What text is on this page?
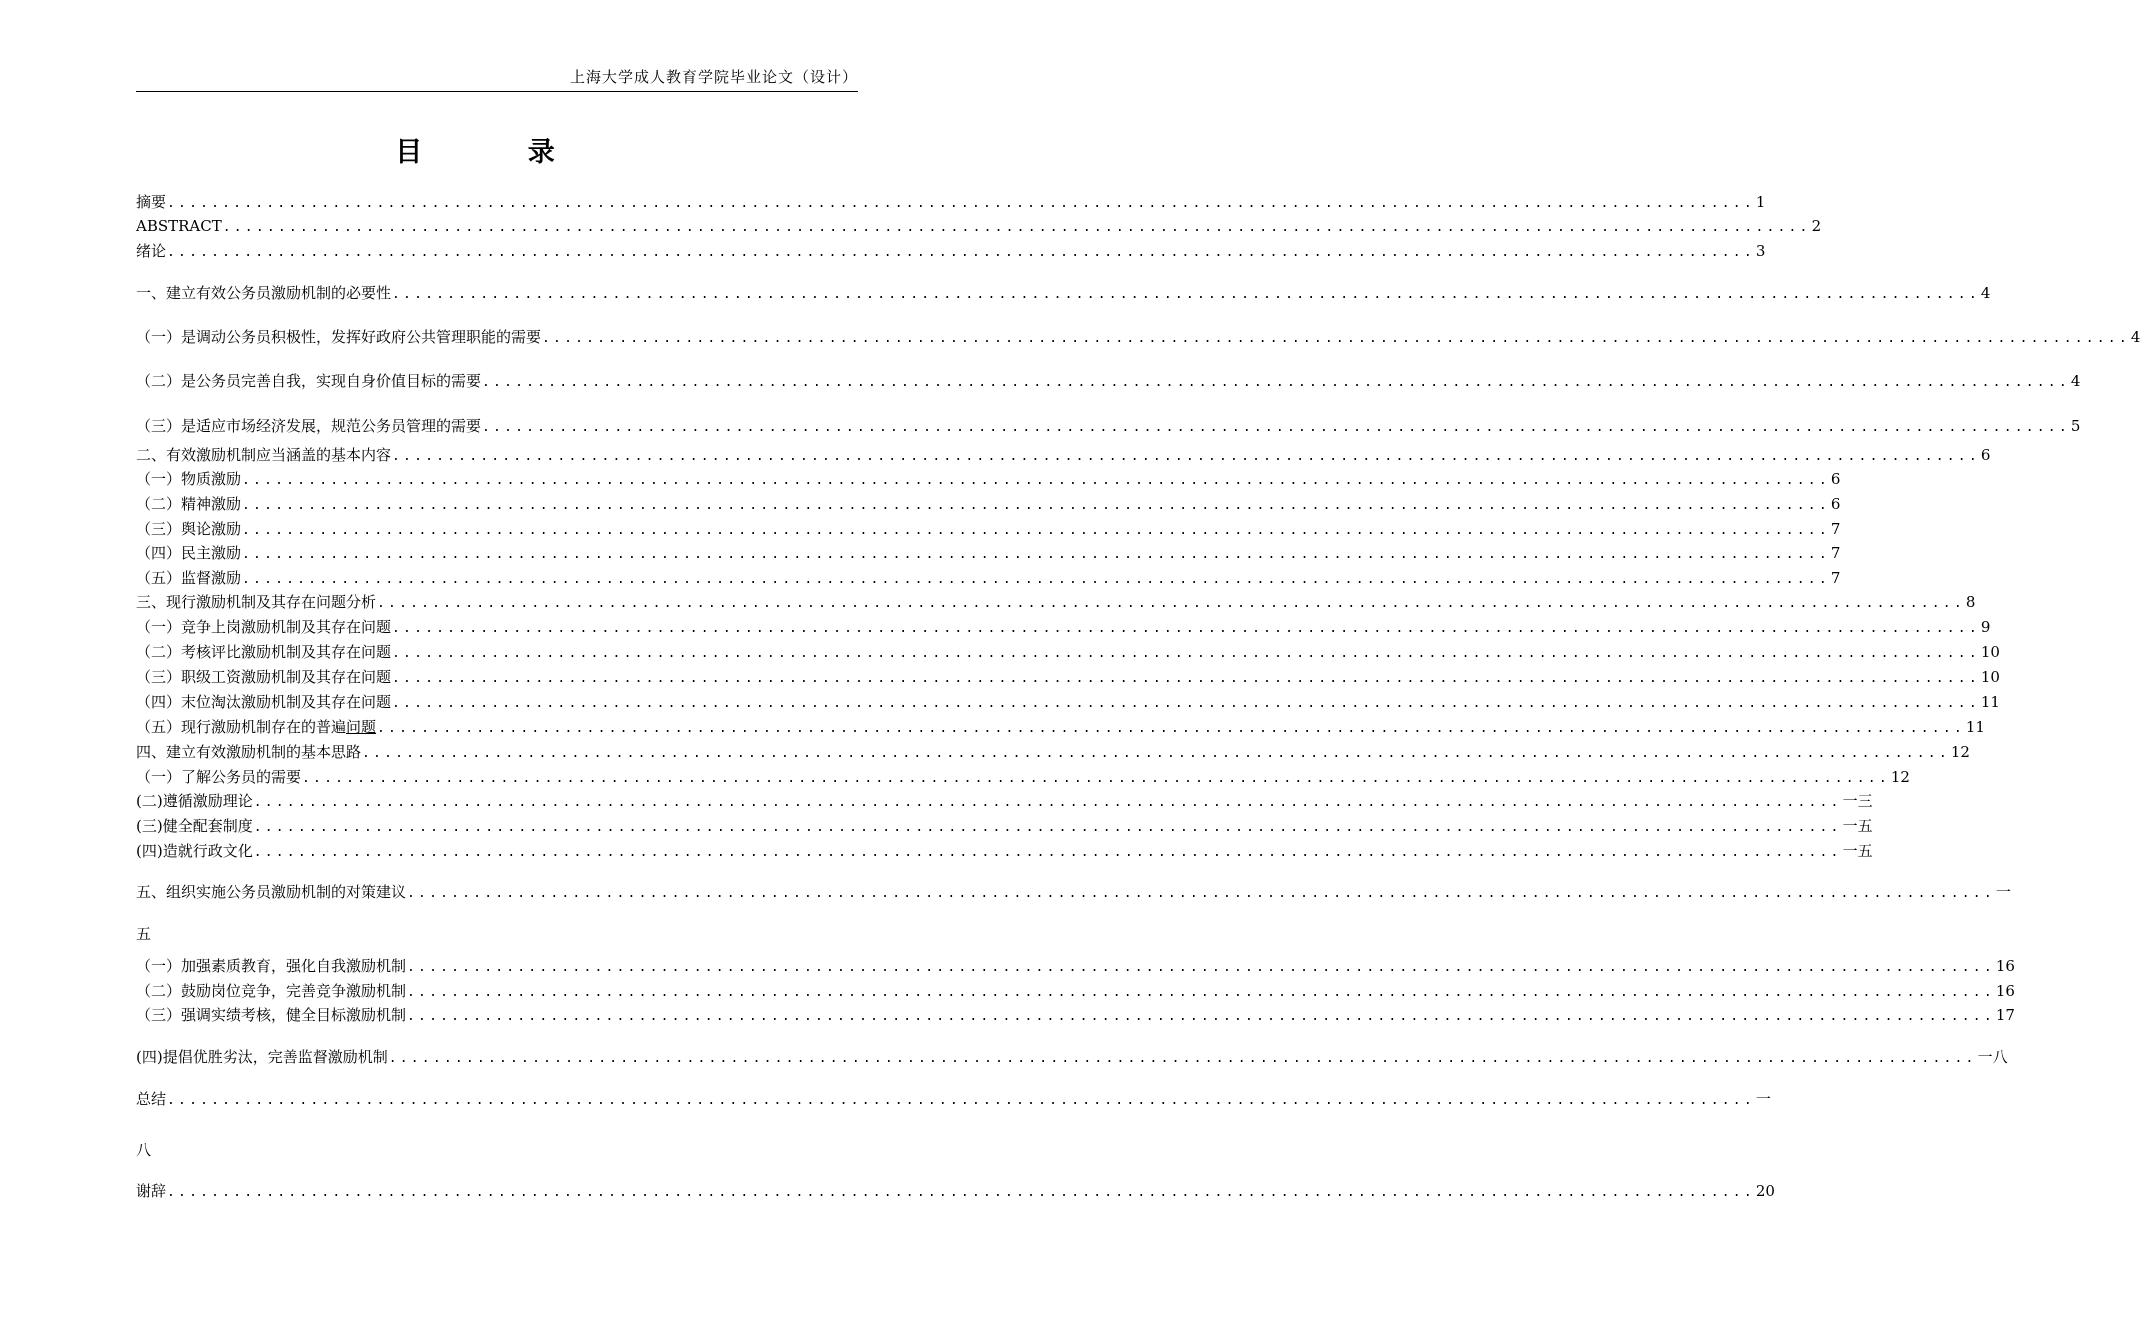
上海大学成人教育学院毕业论文（设计）
目 录
摘要 ................................................................................................................................................ 1
ABSTRACT ................................................................................................................................................ 2
绪论 ................................................................................................................................................ 3
一、建立有效公务员激励机制的必要性 ................................................................................................................................................ 4
（一）是调动公务员积极性，发挥好政府公共管理职能的需要 ................................................................................................................................................ 4
（二）是公务员完善自我，实现自身价值目标的需要 ................................................................................................................................................ 4
（三）是适应市场经济发展，规范公务员管理的需要 ................................................................................................................................................ 5
二、有效激励机制应当涵盖的基本内容 ................................................................................................................................................ 6
（一）物质激励 ................................................................................................................................................ 6
（二）精神激励 ................................................................................................................................................ 6
（三）舆论激励 ................................................................................................................................................ 7
（四）民主激励 ................................................................................................................................................ 7
（五）监督激励 ................................................................................................................................................ 7
三、现行激励机制及其存在问题分析 ................................................................................................................................................ 8
（一）竞争上岗激励机制及其存在问题 ................................................................................................................................................ 9
（二）考核评比激励机制及其存在问题 ................................................................................................................................................ 10
（三）职级工资激励机制及其存在问题 ................................................................................................................................................ 10
（四）末位淘汰激励机制及其存在问题 ................................................................................................................................................ 11
（五）现行激励机制存在的普遍问题 ................................................................................................................................................ 11
四、建立有效激励机制的基本思路 ................................................................................................................................................ 12
（一）了解公务员的需要 ................................................................................................................................................ 12
(二)遵循激励理论 ................................................................................................................................................ 一三
(三)健全配套制度 ................................................................................................................................................ 一五
(四)造就行政文化 ................................................................................................................................................ 一五
五、组织实施公务员激励机制的对策建议 ................................................................................................................................................ 一
五
（一）加强素质教育，强化自我激励机制 ................................................................................................................................................ 16
（二）鼓励岗位竞争，完善竞争激励机制 ................................................................................................................................................ 16
（三）强调实绩考核，健全目标激励机制 ................................................................................................................................................ 17
(四)提倡优胜劣汰，完善监督激励机制 ................................................................................................................................................ 一八
总结 ................................................................................................................................................ 一
八
谢辞 ................................................................................................................................................ 20
